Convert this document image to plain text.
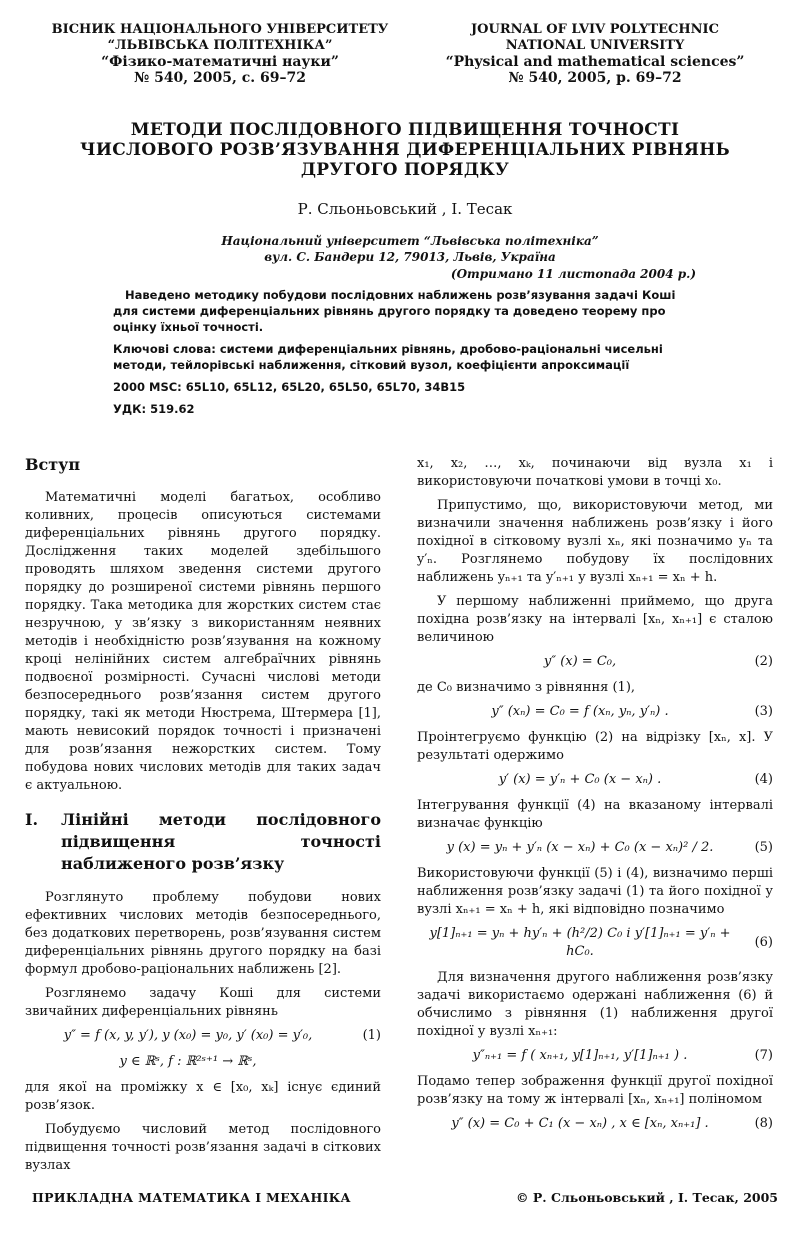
ВІСНИК НАЦІОНАЛЬНОГО УНІВЕРСИТЕТУ
“ЛЬВІВСЬКА ПОЛІТЕХНІКА”
“Фізико-математичні науки”
№ 540, 2005, с. 69–72
JOURNAL OF LVIV POLYTECHNIC
NATIONAL UNIVERSITY
“Physical and mathematical sciences”
№ 540, 2005, p. 69–72
МЕТОДИ ПОСЛІДОВНОГО ПІДВИЩЕННЯ ТОЧНОСТІ
ЧИСЛОВОГО РОЗВ’ЯЗУВАННЯ ДИФЕРЕНЦІАЛЬНИХ РІВНЯНЬ
ДРУГОГО ПОРЯДКУ
Р. Сльоньовський , І. Тесак
Національний університет “Львівська політехніка”
вул. С. Бандери 12, 79013, Львів, Україна
(Отримано 11 листопада 2004 р.)

Наведено методику побудови послідовних наближень розв’язування задачі Коші для системи диференціальних рівнянь другого порядку та доведено теорему про оцінку їхньої точності.

Ключові слова: системи диференціальних рівнянь, дробово-раціональні чисельні методи, тейлорівські наближення, сітковий вузол, коефіцієнти апроксимації

2000 MSC: 65L10, 65L12, 65L20, 65L50, 65L70, 34B15

УДК: 519.62

Вступ

Математичні моделі багатьох, особливо коливних, процесів описуються системами диференціальних рівнянь другого порядку. Дослідження таких моделей здебільшого проводять шляхом зведення системи другого порядку до розширеної системи рівнянь першого порядку. Така методика для жорстких систем стає незручною, у зв’язку з використанням неявних методів і необхідністю розв’язування на кожному кроці нелінійних систем алгебраїчних рівнянь подвоєної розмірності. Сучасні числові методи безпосереднього розв’язання систем другого порядку, такі як методи Нюстрема, Штермера [1], мають невисокий порядок точності і призначені для розв’язання нежорстких систем. Тому побудова нових числових методів для таких задач є актуальною.

I.	Лінійні методи послідовного підвищення точності наближеного розв’язку

Розглянуто проблему побудови нових ефективних числових методів безпосереднього, без додаткових перетворень, розв’язування систем диференціальних рівнянь другого порядку на базі формул дробово-раціональних наближень [2].

Розглянемо задачу Коші для системи звичайних диференціальних рівнянь

y″ = f (x, y, y′), y (x₀) = y₀, y′ (x₀) = y′₀,	(1)
y ∈ ℝˢ, f : ℝ²ˢ⁺¹ → ℝˢ,

для якої на проміжку x ∈ [x₀, xₖ] існує єдиний розв’язок.

Побудуємо числовий метод послідовного підвищення точності розв’язання задачі в сіткових вузлах

x₁, x₂, …, xₖ, починаючи від вузла x₁ і використовуючи початкові умови в точці x₀.

Припустимо, що, використовуючи метод, ми визначили значення наближень розв’язку і його похідної в сітковому вузлі xₙ, які позначимо yₙ та y′ₙ. Розглянемо побудову їх послідовних наближень yₙ₊₁ та y′ₙ₊₁ у вузлі xₙ₊₁ = xₙ + h.

У першому наближенні приймемо, що друга похідна розв’язку на інтервалі [xₙ, xₙ₊₁] є сталою величиною

y″ (x) = C₀,	(2)

де C₀ визначимо з рівняння (1),

y″ (xₙ) = C₀ = f (xₙ, yₙ, y′ₙ) .	(3)

Проінтегруємо функцію (2) на відрізку [xₙ, x]. У результаті одержимо

y′ (x) = y′ₙ + C₀ (x − xₙ) .	(4)

Інтегрування функції (4) на вказаному інтервалі визначає функцію

y (x) = yₙ + y′ₙ (x − xₙ) + C₀ (x − xₙ)² / 2.	(5)

Використовуючи функції (5) і (4), визначимо перші наближення розв’язку задачі (1) та його похідної у вузлі xₙ₊₁ = xₙ + h, які відповідно позначимо

y[1]ₙ₊₁ = yₙ + hy′ₙ + (h²/2) C₀ і y′[1]ₙ₊₁ = y′ₙ + hC₀.
(6)

Для визначення другого наближення розв’язку задачі використаємо одержані наближення (6) й обчислимо з рівняння (1) наближення другої похідної у вузлі xₙ₊₁:

y″ₙ₊₁ = f ( xₙ₊₁, y[1]ₙ₊₁, y′[1]ₙ₊₁ ) .	(7)

Подамо тепер зображення функції другої похідної розв’язку на тому ж інтервалі [xₙ, xₙ₊₁] поліномом

y″ (x) = C₀ + C₁ (x − xₙ) , x ∈ [xₙ, xₙ₊₁] .	(8)
ПРИКЛАДНА МАТЕМАТИКА І МЕХАНІКА	© Р. Сльоньовський , І. Тесак, 2005
